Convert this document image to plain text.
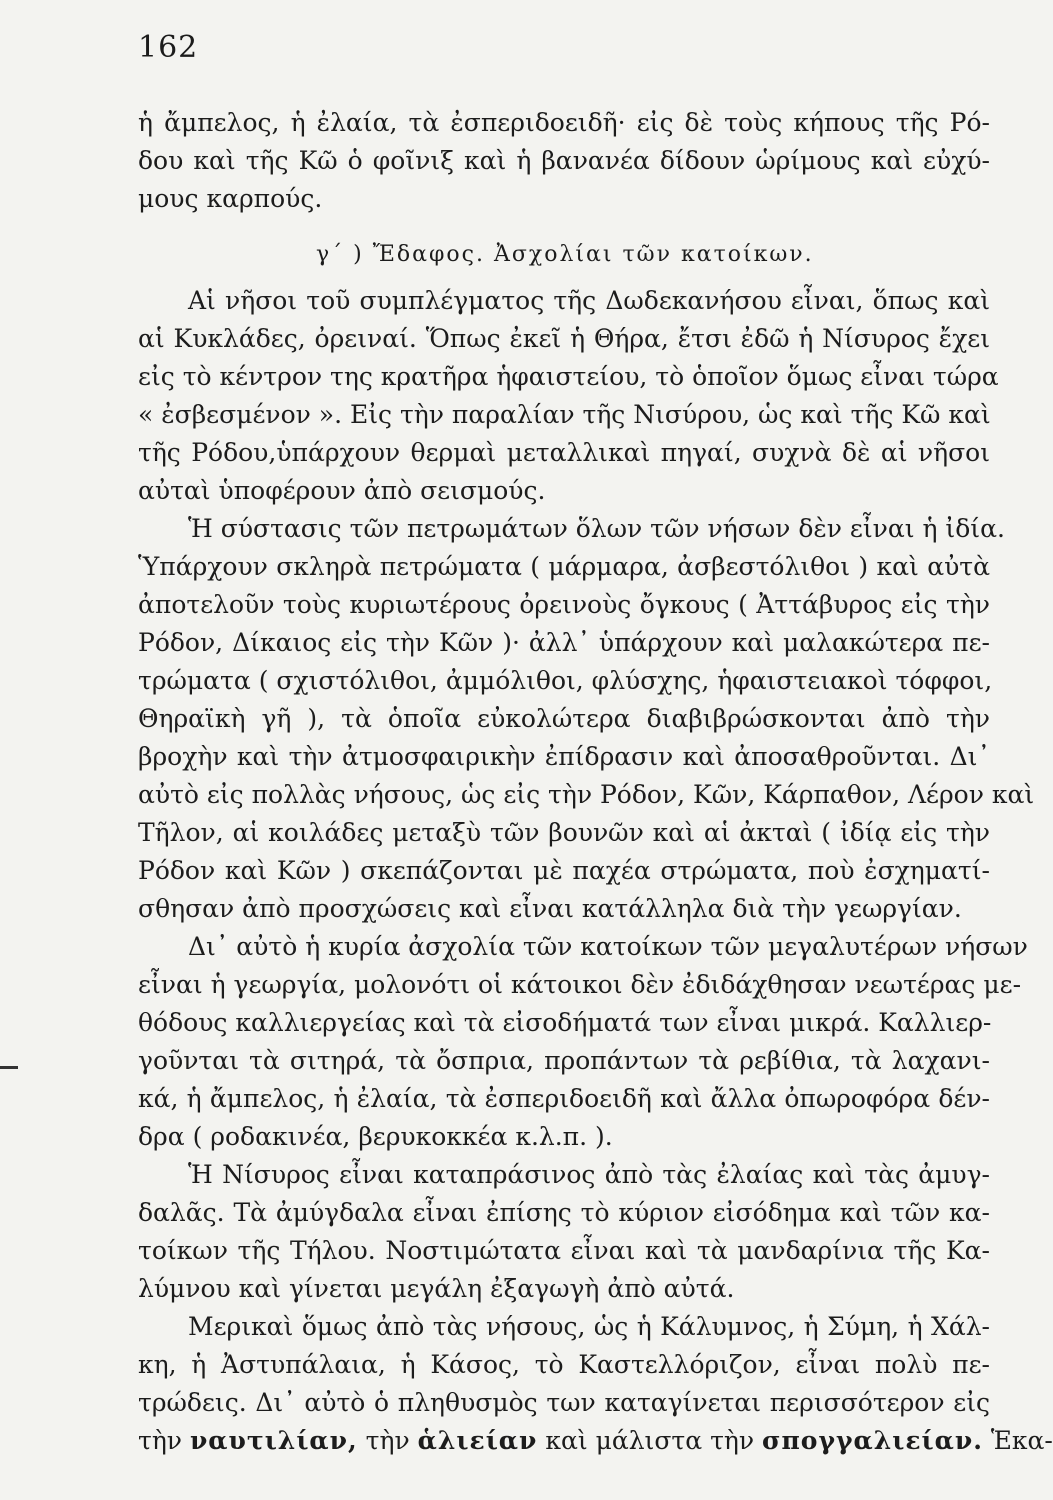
162
ἡ ἄμπελος, ἡ ἐλαία, τὰ ἐσπεριδοειδῆ· εἰς δὲ τοὺς κήπους τῆς Ρό-
δου καὶ τῆς Κῶ ὁ φοῖνιξ καὶ ἡ βανανέα δίδουν ὡρίμους καὶ εὐχύ-
μους καρπούς.
γ΄ ) Ἔδαφος. Ἀσχολίαι τῶν κατοίκων.
Αἱ νῆσοι τοῦ συμπλέγματος τῆς Δωδεκανήσου εἶναι, ὅπως καὶ
αἱ Κυκλάδες, ὀρειναί. Ὅπως ἐκεῖ ἡ Θήρα, ἔτσι ἐδῶ ἡ Νίσυρος ἔχει
εἰς τὸ κέντρον της κρατῆρα ἡφαιστείου, τὸ ὁποῖον ὅμως εἶναι τώρα
« ἐσβεσμένον ». Εἰς τὴν παραλίαν τῆς Νισύρου, ὡς καὶ τῆς Κῶ καὶ
τῆς Ρόδου,ὑπάρχουν θερμαὶ μεταλλικαὶ πηγαί, συχνὰ δὲ αἱ νῆσοι
αὐταὶ ὑποφέρουν ἀπὸ σεισμούς.
Ἡ σύστασις τῶν πετρωμάτων ὅλων τῶν νήσων δὲν εἶναι ἡ ἰδία.
Ὑπάρχουν σκληρὰ πετρώματα ( μάρμαρα, ἀσβεστόλιθοι ) καὶ αὐτὰ
ἀποτελοῦν τοὺς κυριωτέρους ὀρεινοὺς ὄγκους ( Ἀττάβυρος εἰς τὴν
Ρόδον, Δίκαιος εἰς τὴν Κῶν )· ἀλλ᾽ ὑπάρχουν καὶ μαλακώτερα πε-
τρώματα ( σχιστόλιθοι, ἀμμόλιθοι, φλύσχης, ἡφαιστειακοὶ τόφφοι,
Θηραϊκὴ γῆ ), τὰ ὁποῖα εὐκολώτερα διαβιβρώσκονται ἀπὸ τὴν
βροχὴν καὶ τὴν ἀτμοσφαιρικὴν ἐπίδρασιν καὶ ἀποσαθροῦνται. Δι᾽
αὐτὸ εἰς πολλὰς νήσους, ὡς εἰς τὴν Ρόδον, Κῶν, Κάρπαθον, Λέρον καὶ
Τῆλον, αἱ κοιλάδες μεταξὺ τῶν βουνῶν καὶ αἱ ἀκταὶ ( ἰδίᾳ εἰς τὴν
Ρόδον καὶ Κῶν ) σκεπάζονται μὲ παχέα στρώματα, ποὺ ἐσχηματί-
σθησαν ἀπὸ προσχώσεις καὶ εἶναι κατάλληλα διὰ τὴν γεωργίαν.
Δι᾽ αὐτὸ ἡ κυρία ἀσχολία τῶν κατοίκων τῶν μεγαλυτέρων νήσων
εἶναι ἡ γεωργία, μολονότι οἱ κάτοικοι δὲν ἐδιδάχθησαν νεωτέρας με-
θόδους καλλιεργείας καὶ τὰ εἰσοδήματά των εἶναι μικρά. Καλλιερ-
γοῦνται τὰ σιτηρά, τὰ ὄσπρια, προπάντων τὰ ρεβίθια, τὰ λαχανι-
κά, ἡ ἄμπελος, ἡ ἐλαία, τὰ ἐσπεριδοειδῆ καὶ ἄλλα ὀπωροφόρα δέν-
δρα ( ροδακινέα, βερυκοκκέα κ.λ.π. ).
Ἡ Νίσυρος εἶναι καταπράσινος ἀπὸ τὰς ἐλαίας καὶ τὰς ἀμυγ-
δαλᾶς. Τὰ ἀμύγδαλα εἶναι ἐπίσης τὸ κύριον εἰσόδημα καὶ τῶν κα-
τοίκων τῆς Τήλου. Νοστιμώτατα εἶναι καὶ τὰ μανδαρίνια τῆς Κα-
λύμνου καὶ γίνεται μεγάλη ἐξαγωγὴ ἀπὸ αὐτά.
Μερικαὶ ὅμως ἀπὸ τὰς νήσους, ὡς ἡ Κάλυμνος, ἡ Σύμη, ἡ Χάλ-
κη, ἡ Ἀστυπάλαια, ἡ Κάσος, τὸ Καστελλόριζον, εἶναι πολὺ πε-
τρώδεις. Δι᾽ αὐτὸ ὁ πληθυσμὸς των καταγίνεται περισσότερον εἰς
τὴν ναυτιλίαν, τὴν ἁλιείαν καὶ μάλιστα τὴν σπογγαλιείαν. Ἑκα-
